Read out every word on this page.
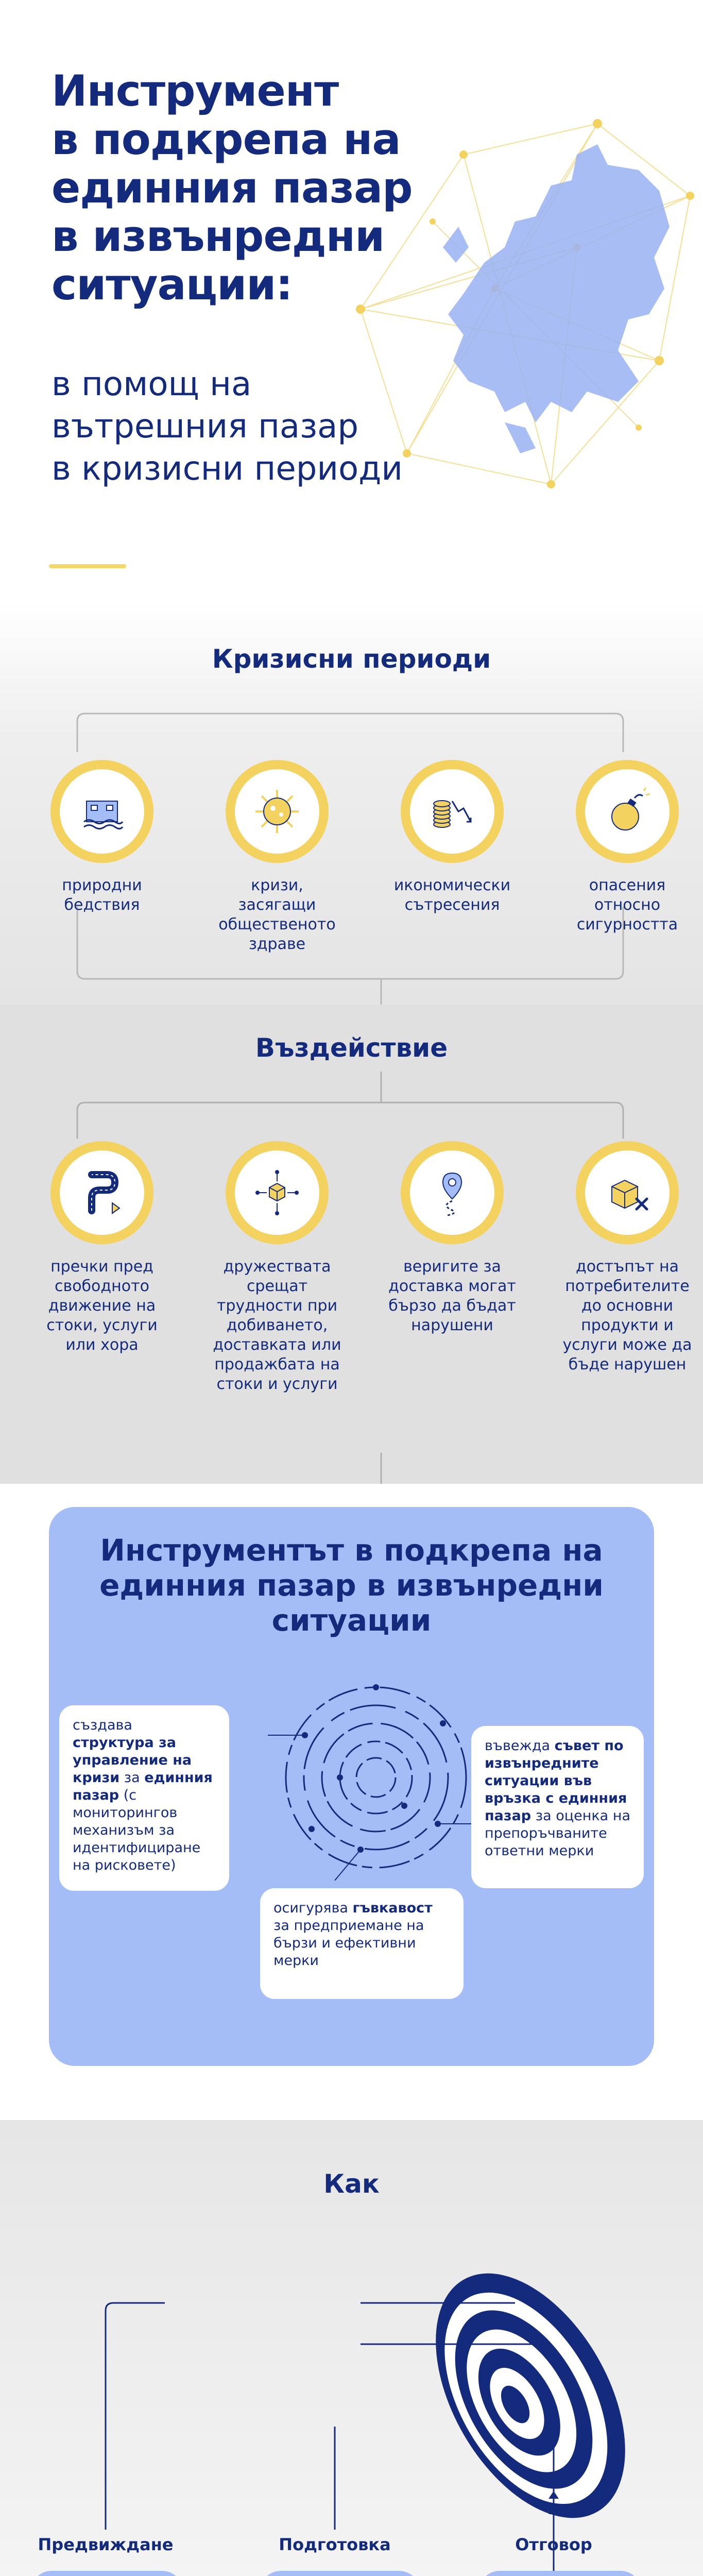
Инструмент
в подкрепа на
единния пазар
в извънредни
ситуации:
в помощ на
вътрешния пазар
в кризисни периоди
Кризисни периоди
природни бедствия
кризи, засягащи общественото здраве
икономически сътресения
опасения относно сигурността
Въздействие
пречки пред свободното движение на стоки, услуги или хора
дружествата срещат трудности при добиването, доставката или продажбата на стоки и услуги
веригите за доставка могат бързо да бъдат нарушени
достъпът на потребителите до основни продукти и услуги може да бъде нарушен
Инструментът в подкрепа на единния пазар в извънредни ситуации
създава структура за управление на кризи за единния пазар (с мониторингов механизъм за идентифициране на рисковете)
въвежда съвет по извънредните ситуации във връзка с единния пазар за оценка на препоръчваните ответни мерки
осигурява гъвкавост за предприемане на бързи и ефективни мерки
Как
Предвиждане	Подготовка	Отговор
